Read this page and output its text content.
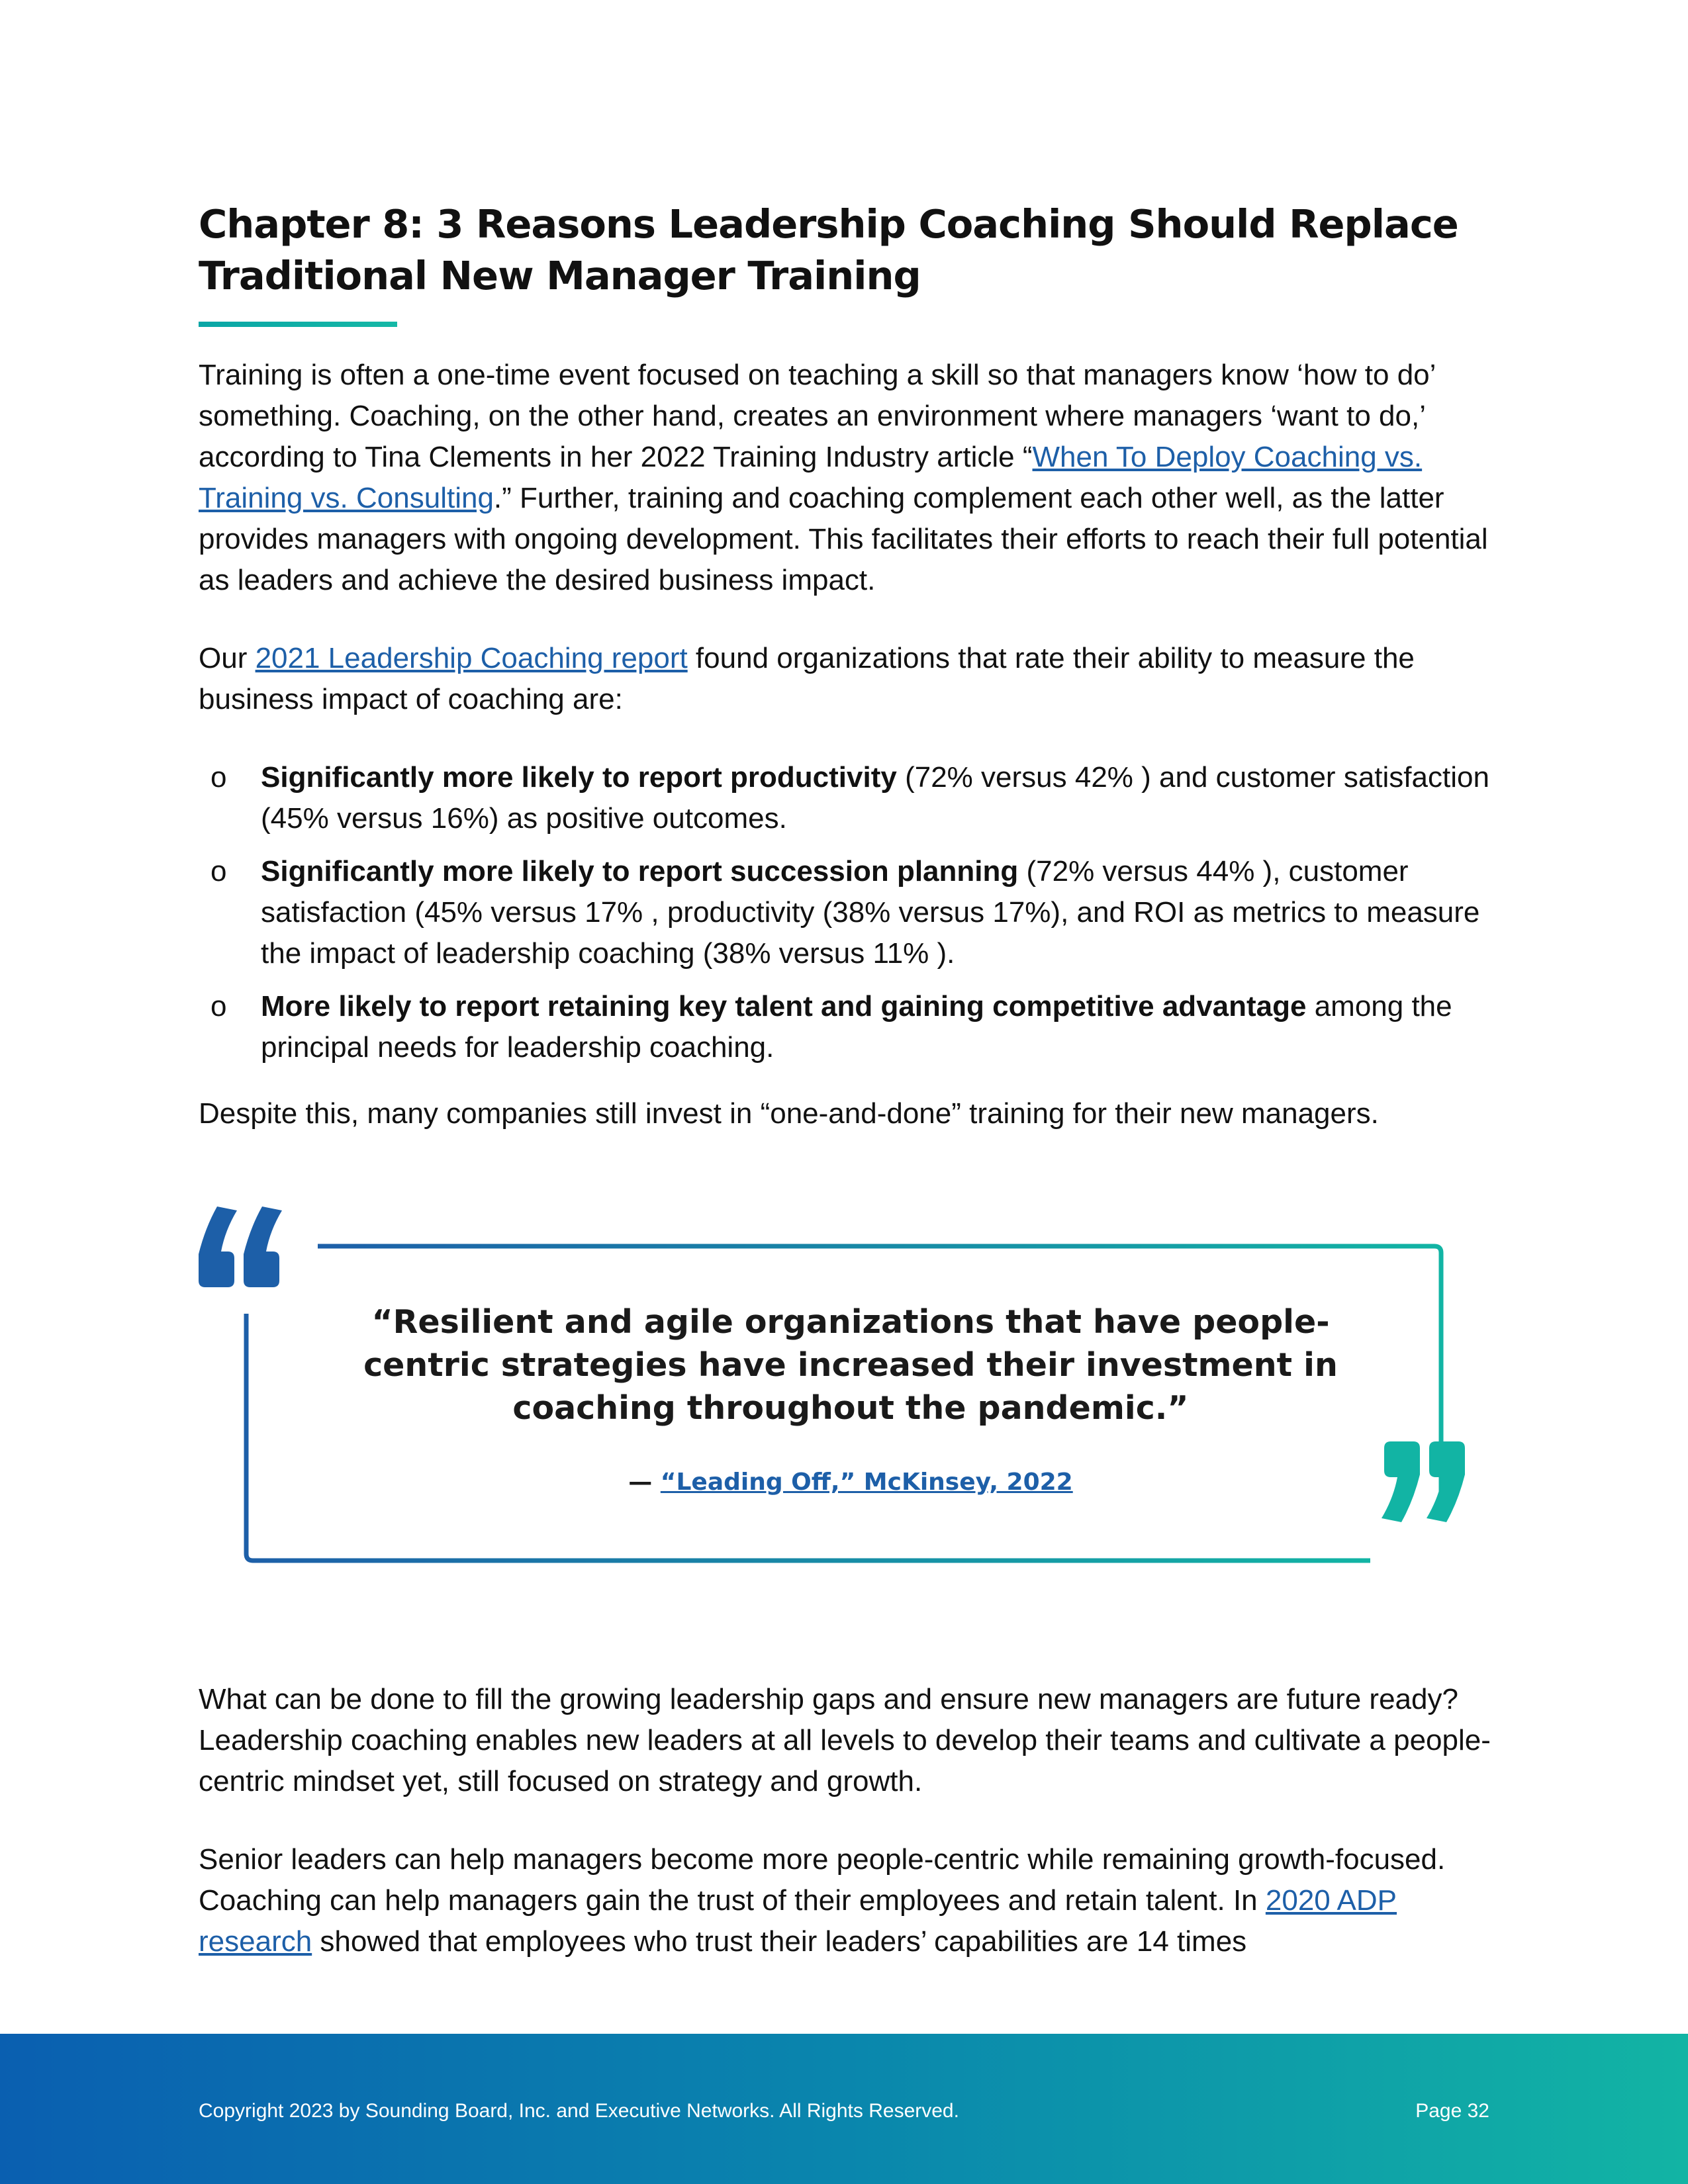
Chapter 8: 3 Reasons Leadership Coaching Should Replace
Traditional New Manager Training

Training is often a one-time event focused on teaching a skill so that managers know ‘how to do’ something. Coaching, on the other hand, creates an environment where managers ‘want to do,’ according to Tina Clements in her 2022 Training Industry article “When To Deploy Coaching vs. Training vs. Consulting.” Further, training and coaching complement each other well, as the latter provides managers with ongoing development. This facilitates their efforts to reach their full potential as leaders and achieve the desired business impact.

Our 2021 Leadership Coaching report found organizations that rate their ability to measure the business impact of coaching are:

o Significantly more likely to report productivity (72% versus 42% ) and customer satisfaction (45% versus 16%) as positive outcomes.
o Significantly more likely to report succession planning (72% versus 44% ), customer satisfaction (45% versus 17% , productivity (38% versus 17%), and ROI as metrics to measure the impact of leadership coaching (38% versus 11% ).
o More likely to report retaining key talent and gaining competitive advantage among the principal needs for leadership coaching.

Despite this, many companies still invest in “one-and-done” training for their new managers.

“Resilient and agile organizations that have people-centric strategies have increased their investment in coaching throughout the pandemic.”
— “Leading Off,” McKinsey, 2022

What can be done to fill the growing leadership gaps and ensure new managers are future ready? Leadership coaching enables new leaders at all levels to develop their teams and cultivate a people-centric mindset yet, still focused on strategy and growth.

Senior leaders can help managers become more people-centric while remaining growth-focused. Coaching can help managers gain the trust of their employees and retain talent. In 2020 ADP research showed that employees who trust their leaders’ capabilities are 14 times

Copyright 2023 by Sounding Board, Inc. and Executive Networks. All Rights Reserved.	Page 32
